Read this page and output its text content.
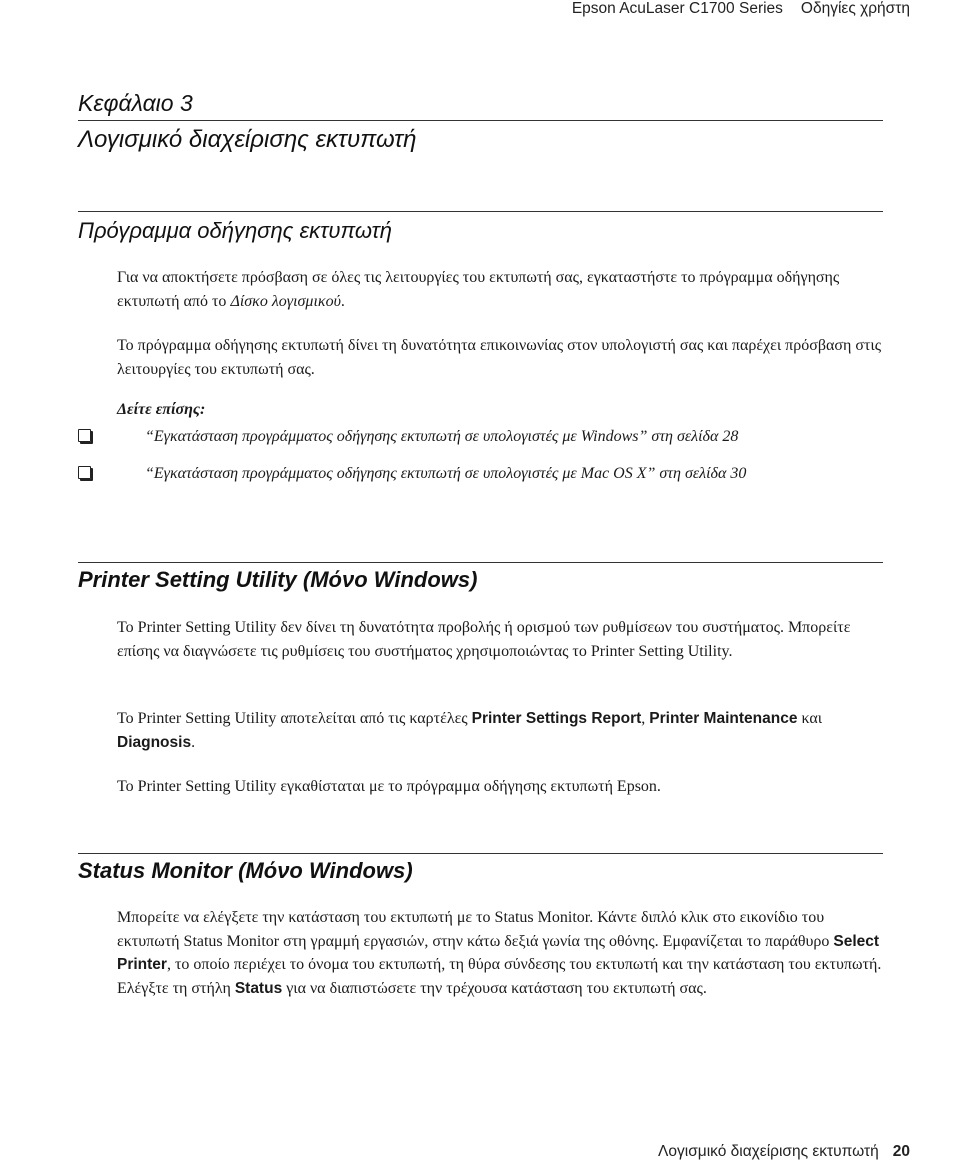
Epson AcuLaser C1700 Series Οδηγίες χρήστη
Κεφάλαιο 3
Λογισμικό διαχείρισης εκτυπωτή
Πρόγραμμα οδήγησης εκτυπωτή

Για να αποκτήσετε πρόσβαση σε όλες τις λειτουργίες του εκτυπωτή σας, εγκαταστήστε το πρόγραμμα οδήγησης εκτυπωτή από το Δίσκο λογισμικού.

Το πρόγραμμα οδήγησης εκτυπωτή δίνει τη δυνατότητα επικοινωνίας στον υπολογιστή σας και παρέχει πρόσβαση στις λειτουργίες του εκτυπωτή σας.

Δείτε επίσης:

“Εγκατάσταση προγράμματος οδήγησης εκτυπωτή σε υπολογιστές με Windows” στη σελίδα 28

“Εγκατάσταση προγράμματος οδήγησης εκτυπωτή σε υπολογιστές με Mac OS X” στη σελίδα 30

Printer Setting Utility (Μόνο Windows)

Το Printer Setting Utility δεν δίνει τη δυνατότητα προβολής ή ορισμού των ρυθμίσεων του συστήματος. Μπορείτε επίσης να διαγνώσετε τις ρυθμίσεις του συστήματος χρησιμοποιώντας το Printer Setting Utility.

Το Printer Setting Utility αποτελείται από τις καρτέλες Printer Settings Report, Printer Maintenance και Diagnosis.

Το Printer Setting Utility εγκαθίσταται με το πρόγραμμα οδήγησης εκτυπωτή Epson.

Status Monitor (Μόνο Windows)

Μπορείτε να ελέγξετε την κατάσταση του εκτυπωτή με το Status Monitor. Κάντε διπλό κλικ στο εικονίδιο του εκτυπωτή Status Monitor στη γραμμή εργασιών, στην κάτω δεξιά γωνία της οθόνης. Εμφανίζεται το παράθυρο Select Printer, το οποίο περιέχει το όνομα του εκτυπωτή, τη θύρα σύνδεσης του εκτυπωτή και την κατάσταση του εκτυπωτή. Ελέγξτε τη στήλη Status για να διαπιστώσετε την τρέχουσα κατάσταση του εκτυπωτή σας.

Λογισμικό διαχείρισης εκτυπωτή 20
